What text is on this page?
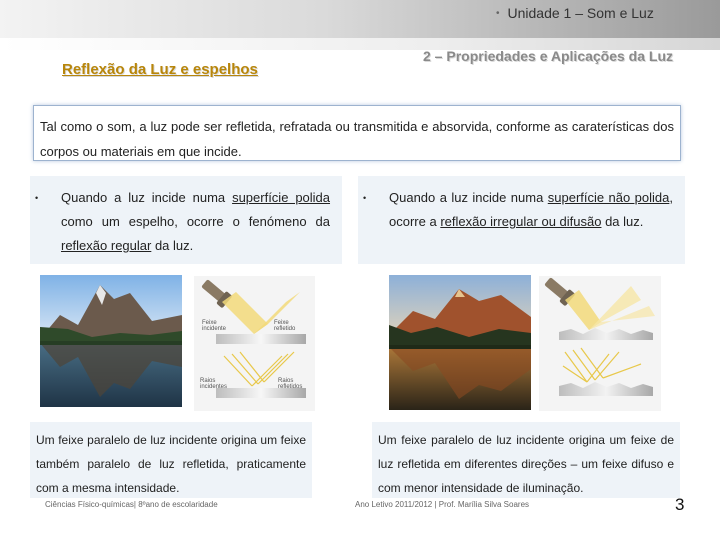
• Unidade 1 – Som e Luz
Reflexão da Luz e espelhos
2 – Propriedades e Aplicações da Luz
Tal como o som, a luz pode ser refletida, refratada ou transmitida e absorvida, conforme as caraterísticas dos corpos ou materiais em que incide.
• Quando a luz incide numa superfície polida como um espelho, ocorre o fenómeno da reflexão regular da luz.
• Quando a luz incide numa superfície não polida, ocorre a reflexão irregular ou difusão da luz.
Feixe incidente
Feixe refletido
Raios incidentes
Raios refletidos
Um feixe paralelo de luz incidente origina um feixe também paralelo de luz refletida, praticamente com a mesma intensidade.
Um feixe paralelo de luz incidente origina um feixe de luz refletida em diferentes direções – um feixe difuso e com menor intensidade de iluminação.
Ciências Físico-químicas| 8ºano de escolaridade	Ano Letivo 2011/2012 | Prof. Marília Silva Soares	3
